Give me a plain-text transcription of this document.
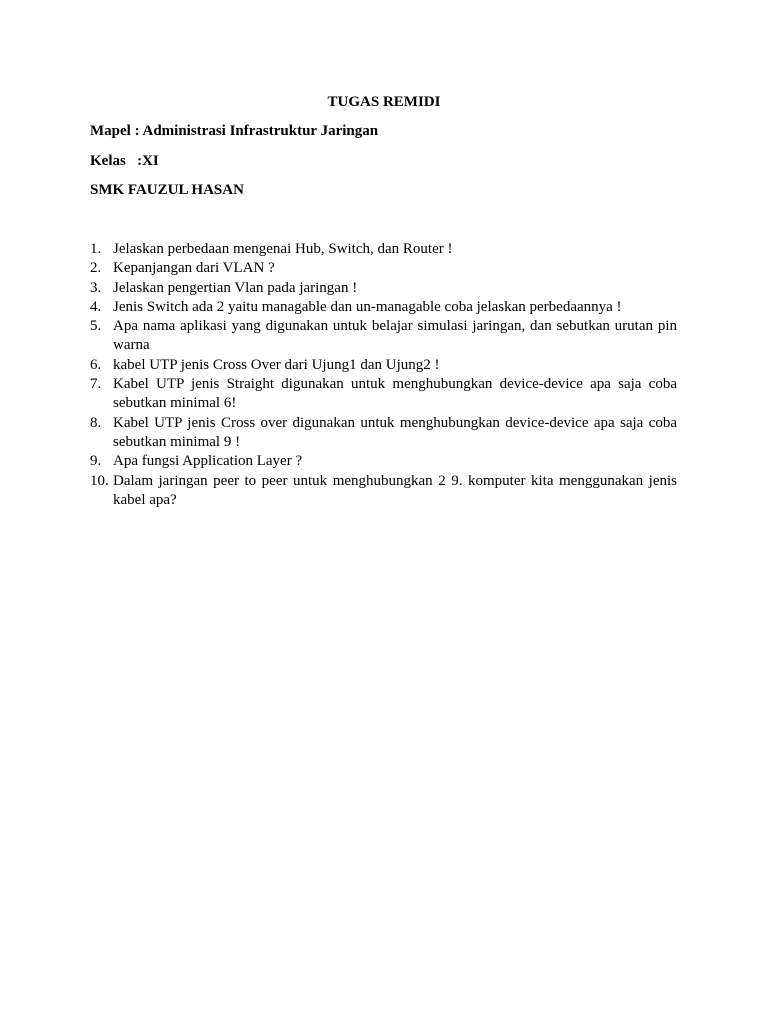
TUGAS REMIDI

Mapel : Administrasi Infrastruktur Jaringan

Kelas   :XI

SMK FAUZUL HASAN

1. Jelaskan perbedaan mengenai Hub, Switch, dan Router !
2. Kepanjangan dari VLAN ?
3. Jelaskan pengertian Vlan pada jaringan !
4. Jenis Switch ada 2 yaitu managable dan un-managable coba jelaskan perbedaannya !
5. Apa nama aplikasi yang digunakan untuk belajar simulasi jaringan, dan sebutkan urutan pin warna
6. kabel UTP jenis Cross Over dari Ujung1 dan Ujung2 !
7. Kabel UTP jenis Straight digunakan untuk menghubungkan device-device apa saja coba sebutkan minimal 6!
8. Kabel UTP jenis Cross over digunakan untuk menghubungkan device-device apa saja coba sebutkan minimal 9 !
9. Apa fungsi Application Layer ?
10. Dalam jaringan peer to peer untuk menghubungkan 2 9. komputer kita menggunakan jenis kabel apa?
